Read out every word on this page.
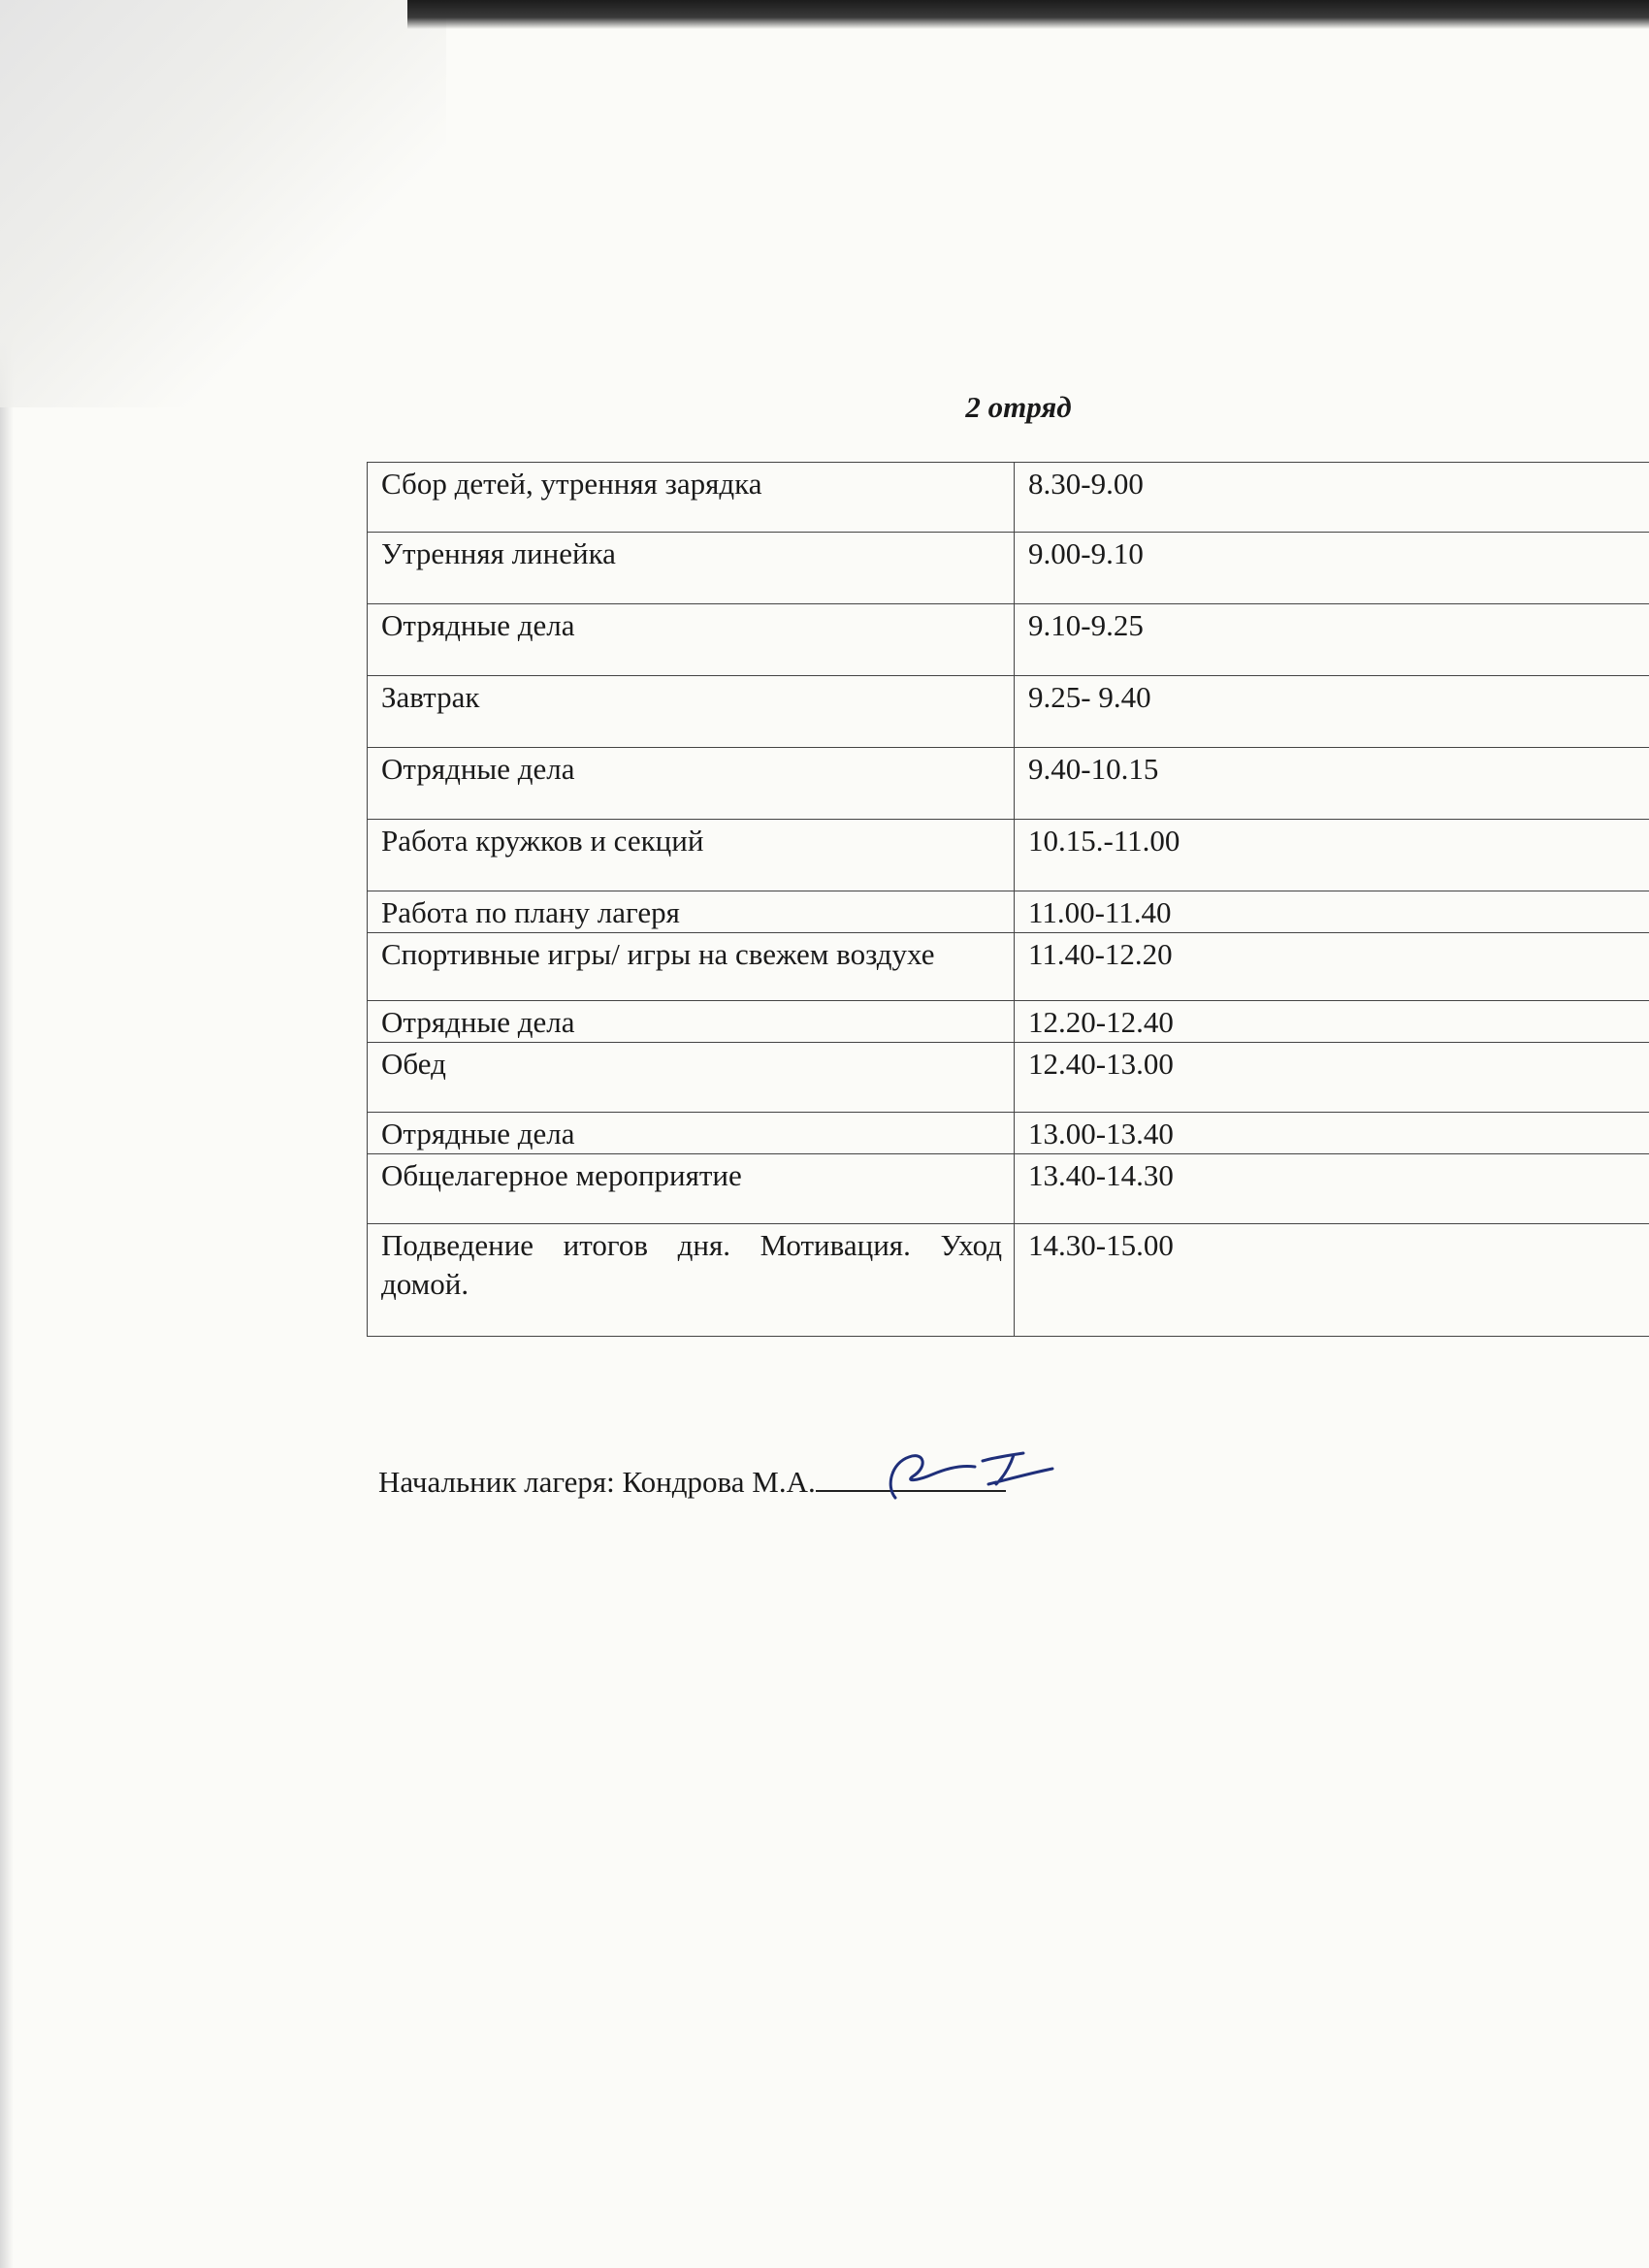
2 отряд
Сбор детей, утренняя зарядка	8.30-9.00
Утренняя линейка	9.00-9.10
Отрядные дела	9.10-9.25
Завтрак	9.25- 9.40
Отрядные дела	9.40-10.15
Работа кружков и секций	10.15.-11.00
Работа по плану лагеря	11.00-11.40
Спортивные игры/ игры на свежем воздухе	11.40-12.20
Отрядные дела	12.20-12.40
Обед	12.40-13.00
Отрядные дела	13.00-13.40
Общелагерное мероприятие	13.40-14.30
Подведение итогов дня. Мотивация. Уход домой.	14.30-15.00
Начальник лагеря: Кондрова М.А.
